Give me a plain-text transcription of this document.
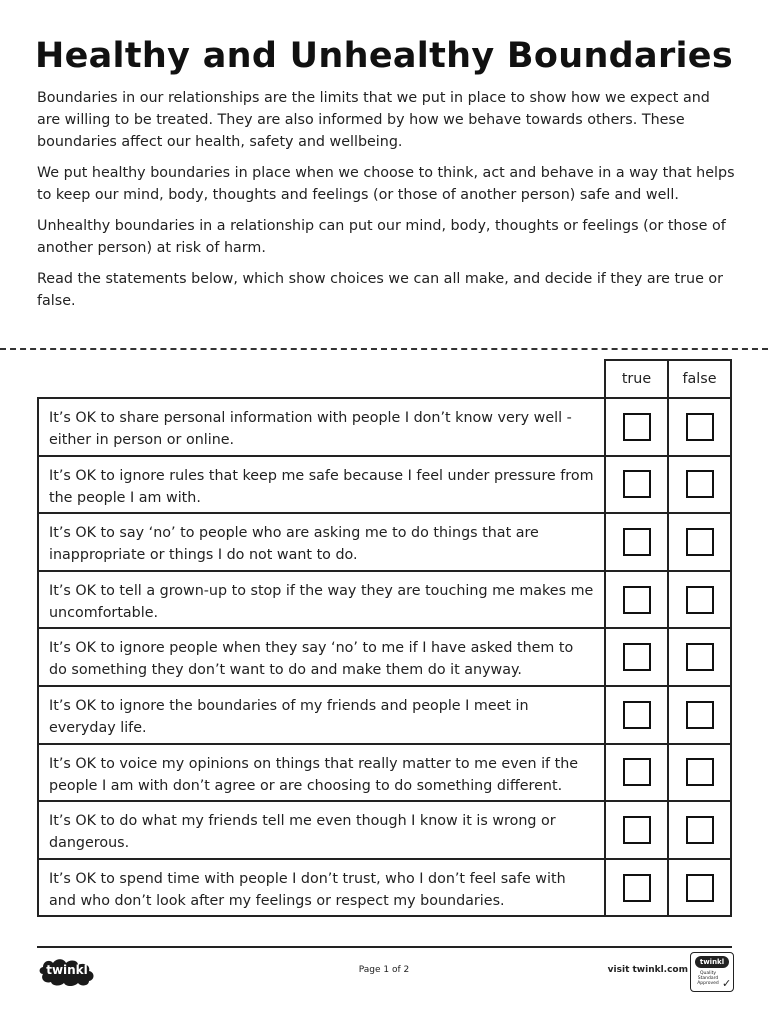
Healthy and Unhealthy Boundaries

Boundaries in our relationships are the limits that we put in place to show how we expect and are willing to be treated. They are also informed by how we behave towards others. These boundaries affect our health, safety and wellbeing.

We put healthy boundaries in place when we choose to think, act and behave in a way that helps to keep our mind, body, thoughts and feelings (or those of another person) safe and well.

Unhealthy boundaries in a relationship can put our mind, body, thoughts or feelings (or those of another person) at risk of harm.

Read the statements below, which show choices we can all make, and decide if they are true or false.

	true	false
It’s OK to share personal information with people I don’t know very well - either in person or online.		
It’s OK to ignore rules that keep me safe because I feel under pressure from the people I am with.		
It’s OK to say ‘no’ to people who are asking me to do things that are inappropriate or things I do not want to do.		
It’s OK to tell a grown-up to stop if the way they are touching me makes me uncomfortable.		
It’s OK to ignore people when they say ‘no’ to me if I have asked them to do something they don’t want to do and make them do it anyway.		
It’s OK to ignore the boundaries of my friends and people I meet in everyday life.		
It’s OK to voice my opinions on things that really matter to me even if the people I am with don’t agree or are choosing to do something different.		
It’s OK to do what my friends tell me even though I know it is wrong or dangerous.		
It’s OK to spend time with people I don’t trust, who I don’t feel safe with and who don’t look after my feelings or respect my boundaries.		
twinkl	Page 1 of 2	visit twinkl.com
twinkl
Quality Standard Approved ✓
